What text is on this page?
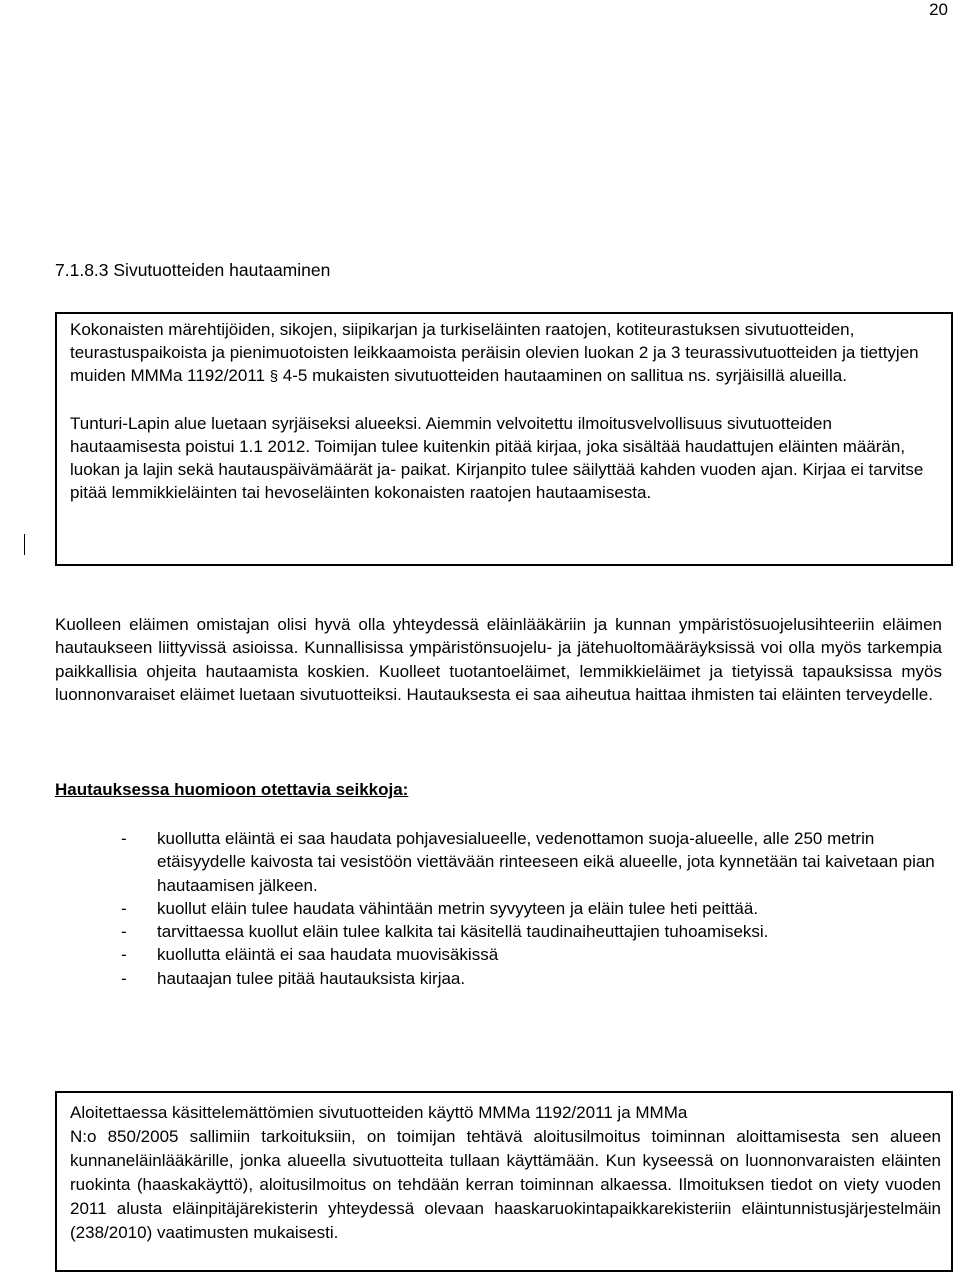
20
7.1.8.3 Sivutuotteiden hautaaminen

Kokonaisten märehtijöiden, sikojen, siipikarjan ja turkiseläinten raatojen, kotiteurastuksen sivutuotteiden, teurastuspaikoista ja pienimuotoisten leikkaamoista peräisin olevien luokan 2 ja 3 teurassivutuotteiden ja tiettyjen muiden MMMa 1192/2011 § 4-5 mukaisten sivutuotteiden hautaaminen on sallitua ns. syrjäisillä alueilla.

Tunturi-Lapin alue luetaan syrjäiseksi alueeksi. Aiemmin velvoitettu ilmoitusvelvollisuus sivutuotteiden hautaamisesta poistui 1.1 2012. Toimijan tulee kuitenkin pitää kirjaa, joka sisältää haudattujen eläinten määrän, luokan ja lajin sekä hautauspäivämäärät ja- paikat. Kirjanpito tulee säilyttää kahden vuoden ajan. Kirjaa ei tarvitse pitää lemmikkieläinten tai hevoseläinten kokonaisten raatojen hautaamisesta.

Kuolleen eläimen omistajan olisi hyvä olla yhteydessä eläinlääkäriin ja kunnan ympäristösuojelusihteeriin eläimen hautaukseen liittyvissä asioissa. Kunnallisissa ympäristönsuojelu- ja jätehuoltomääräyksissä voi olla myös tarkempia paikkallisia ohjeita hautaamista koskien. Kuolleet tuotantoeläimet, lemmikkieläimet ja tietyissä tapauksissa myös luonnonvaraiset eläimet luetaan sivutuotteiksi. Hautauksesta ei saa aiheutua haittaa ihmisten tai eläinten terveydelle.

Hautauksessa huomioon otettavia seikkoja:

- kuollutta eläintä ei saa haudata pohjavesialueelle, vedenottamon suoja-alueelle, alle 250 metrin etäisyydelle kaivosta tai vesistöön viettävään rinteeseen eikä alueelle, jota kynnetään tai kaivetaan pian hautaamisen jälkeen.
- kuollut eläin tulee haudata vähintään metrin syvyyteen ja eläin tulee heti peittää.
- tarvittaessa kuollut eläin tulee kalkita tai käsitellä taudinaiheuttajien tuhoamiseksi.
- kuollutta eläintä ei saa haudata muovisäkissä
- hautaajan tulee pitää hautauksista kirjaa.

Aloitettaessa käsittelemättömien sivutuotteiden käyttö MMMa 1192/2011 ja MMMa

N:o 850/2005 sallimiin tarkoituksiin, on toimijan tehtävä aloitusilmoitus toiminnan aloittamisesta sen alueen kunnaneläinlääkärille, jonka alueella sivutuotteita tullaan käyttämään. Kun kyseessä on luonnonvaraisten eläinten ruokinta (haaskakäyttö), aloitusilmoitus on tehdään kerran toiminnan alkaessa. Ilmoituksen tiedot on viety vuoden 2011 alusta eläinpitäjärekisterin yhteydessä olevaan haaskaruokintapaikkarekisteriin eläintunnistusjärjestelmäin (238/2010) vaatimusten mukaisesti.
